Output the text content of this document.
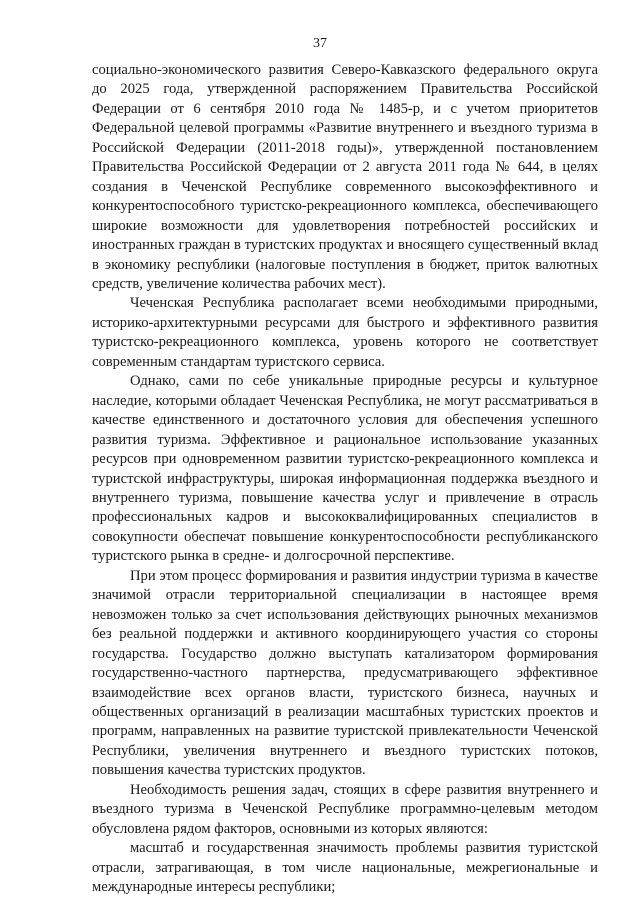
37

социально-экономического развития Северо-Кавказского федерального округа до 2025 года, утвержденной распоряжением Правительства Российской Федерации от 6 сентября 2010 года № 1485-р, и с учетом приоритетов Федеральной целевой программы «Развитие внутреннего и въездного туризма в Российской Федерации (2011-2018 годы)», утвержденной постановлением Правительства Российской Федерации от 2 августа 2011 года № 644, в целях создания в Чеченской Республике современного высокоэффективного и конкурентоспособного туристско-рекреационного комплекса, обеспечивающего широкие возможности для удовлетворения потребностей российских и иностранных граждан в туристских продуктах и вносящего существенный вклад в экономику республики (налоговые поступления в бюджет, приток валютных средств, увеличение количества рабочих мест).

Чеченская Республика располагает всеми необходимыми природными, историко-архитектурными ресурсами для быстрого и эффективного развития туристско-рекреационного комплекса, уровень которого не соответствует современным стандартам туристского сервиса.

Однако, сами по себе уникальные природные ресурсы и культурное наследие, которыми обладает Чеченская Республика, не могут рассматриваться в качестве единственного и достаточного условия для обеспечения успешного развития туризма. Эффективное и рациональное использование указанных ресурсов при одновременном развитии туристско-рекреационного комплекса и туристской инфраструктуры, широкая информационная поддержка въездного и внутреннего туризма, повышение качества услуг и привлечение в отрасль профессиональных кадров и высококвалифицированных специалистов в совокупности обеспечат повышение конкурентоспособности республиканского туристского рынка в средне- и долгосрочной перспективе.

При этом процесс формирования и развития индустрии туризма в качестве значимой отрасли территориальной специализации в настоящее время невозможен только за счет использования действующих рыночных механизмов без реальной поддержки и активного координирующего участия со стороны государства. Государство должно выступать катализатором формирования государственно-частного партнерства, предусматривающего эффективное взаимодействие всех органов власти, туристского бизнеса, научных и общественных организаций в реализации масштабных туристских проектов и программ, направленных на развитие туристской привлекательности Чеченской Республики, увеличения внутреннего и въездного туристских потоков, повышения качества туристских продуктов.

Необходимость решения задач, стоящих в сфере развития внутреннего и въездного туризма в Чеченской Республике программно-целевым методом обусловлена рядом факторов, основными из которых являются:

масштаб и государственная значимость проблемы развития туристской отрасли, затрагивающая, в том числе национальные, межрегиональные и международные интересы республики;
